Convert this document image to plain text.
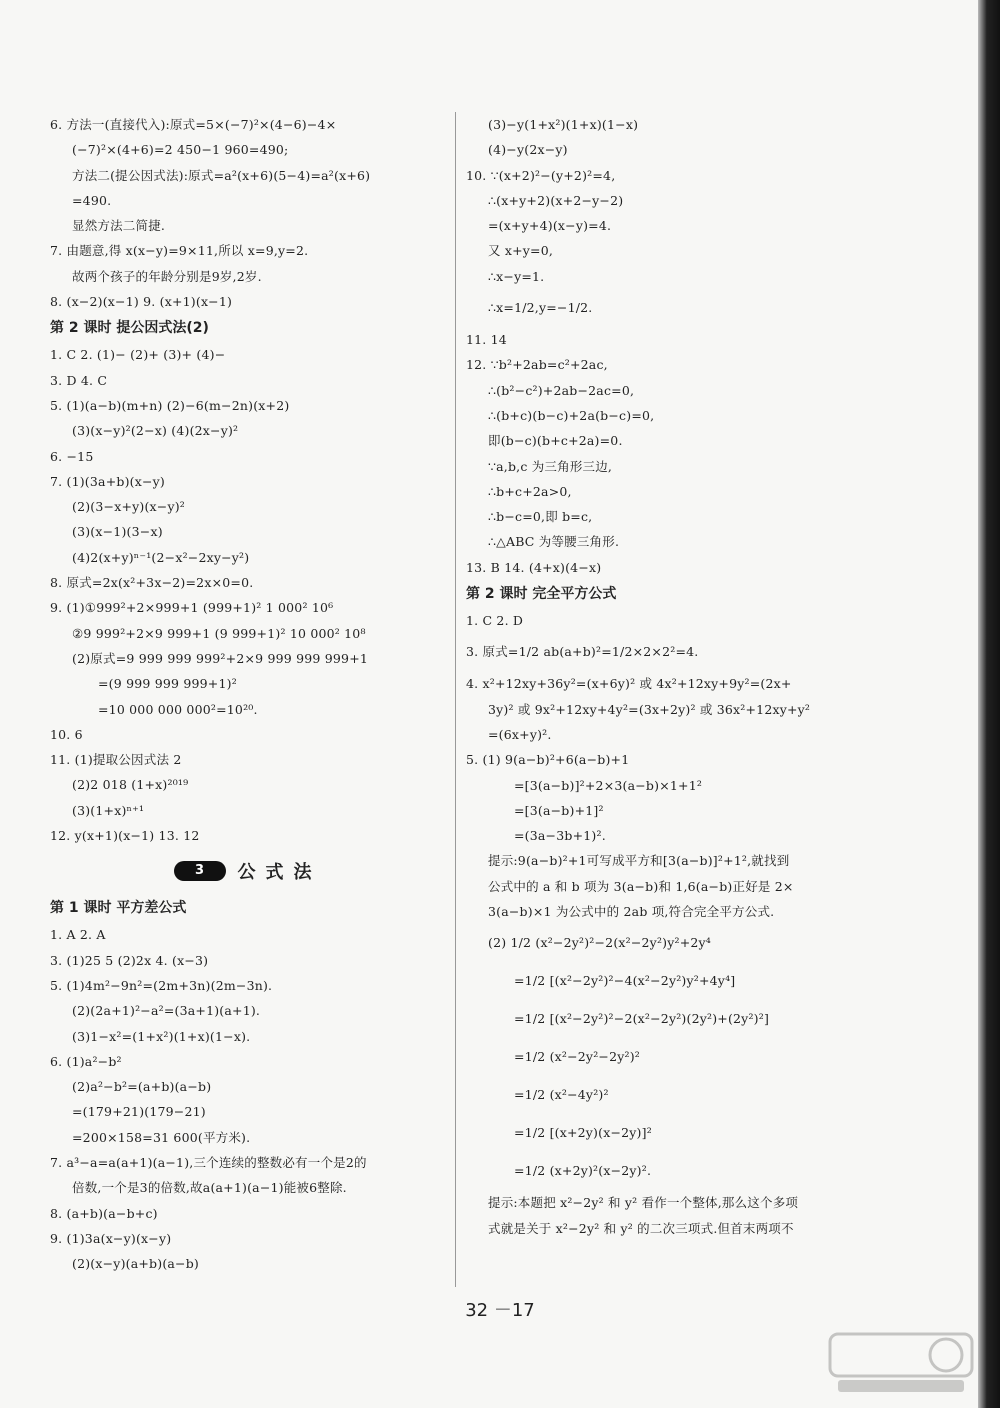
6. 方法一(直接代入):原式=5×(−7)²×(4−6)−4×
(−7)²×(4+6)=2 450−1 960=490;
方法二(提公因式法):原式=a²(x+6)(5−4)=a²(x+6)
=490.
显然方法二简捷.
7. 由题意,得 x(x−y)=9×11,所以 x=9,y=2.
故两个孩子的年龄分别是9岁,2岁.
8. (x−2)(x−1) 9. (x+1)(x−1)
第 2 课时 提公因式法(2)
1. C 2. (1)− (2)+ (3)+ (4)−
3. D 4. C
5. (1)(a−b)(m+n) (2)−6(m−2n)(x+2)
(3)(x−y)²(2−x) (4)(2x−y)²
6. −15
7. (1)(3a+b)(x−y)
(2)(3−x+y)(x−y)²
(3)(x−1)(3−x)
(4)2(x+y)ⁿ⁻¹(2−x²−2xy−y²)
8. 原式=2x(x²+3x−2)=2x×0=0.
9. (1)①999²+2×999+1 (999+1)² 1 000² 10⁶
②9 999²+2×9 999+1 (9 999+1)² 10 000² 10⁸
(2)原式=9 999 999 999²+2×9 999 999 999+1
=(9 999 999 999+1)²
=10 000 000 000²=10²⁰.
10. 6
11. (1)提取公因式法 2
(2)2 018 (1+x)²⁰¹⁹
(3)(1+x)ⁿ⁺¹
12. y(x+1)(x−1) 13. 12
3	公式法
第 1 课时 平方差公式
1. A 2. A
3. (1)25 5 (2)2x 4. (x−3)
5. (1)4m²−9n²=(2m+3n)(2m−3n).
(2)(2a+1)²−a²=(3a+1)(a+1).
(3)1−x²=(1+x²)(1+x)(1−x).
6. (1)a²−b²
(2)a²−b²=(a+b)(a−b)
=(179+21)(179−21)
=200×158=31 600(平方米).
7. a³−a=a(a+1)(a−1),三个连续的整数必有一个是2的
倍数,一个是3的倍数,故a(a+1)(a−1)能被6整除.
8. (a+b)(a−b+c)
9. (1)3a(x−y)(x−y)
(2)(x−y)(a+b)(a−b)
(3)−y(1+x²)(1+x)(1−x)
(4)−y(2x−y)
10. ∵(x+2)²−(y+2)²=4,
∴(x+y+2)(x+2−y−2)
=(x+y+4)(x−y)=4.
又 x+y=0,
∴x−y=1.
∴x=1/2,y=−1/2.
11. 14
12. ∵b²+2ab=c²+2ac,
∴(b²−c²)+2ab−2ac=0,
∴(b+c)(b−c)+2a(b−c)=0,
即(b−c)(b+c+2a)=0.
∵a,b,c 为三角形三边,
∴b+c+2a>0,
∴b−c=0,即 b=c,
∴△ABC 为等腰三角形.
13. B 14. (4+x)(4−x)
第 2 课时 完全平方公式
1. C 2. D
3. 原式=1/2 ab(a+b)²=1/2×2×2²=4.
4. x²+12xy+36y²=(x+6y)² 或 4x²+12xy+9y²=(2x+
3y)² 或 9x²+12xy+4y²=(3x+2y)² 或 36x²+12xy+y²
=(6x+y)².
5. (1) 9(a−b)²+6(a−b)+1
=[3(a−b)]²+2×3(a−b)×1+1²
=[3(a−b)+1]²
=(3a−3b+1)².
提示:9(a−b)²+1可写成平方和[3(a−b)]²+1²,就找到
公式中的 a 和 b 项为 3(a−b)和 1,6(a−b)正好是 2×
3(a−b)×1 为公式中的 2ab 项,符合完全平方公式.
(2) 1/2 (x²−2y²)²−2(x²−2y²)y²+2y⁴
=1/2 [(x²−2y²)²−4(x²−2y²)y²+4y⁴]
=1/2 [(x²−2y²)²−2(x²−2y²)(2y²)+(2y²)²]
=1/2 (x²−2y²−2y²)²
=1/2 (x²−4y²)²
=1/2 [(x+2y)(x−2y)]²
=1/2 (x+2y)²(x−2y)².
提示:本题把 x²−2y² 和 y² 看作一个整体,那么这个多项
式就是关于 x²−2y² 和 y² 的二次三项式.但首末两项不
32 －17
